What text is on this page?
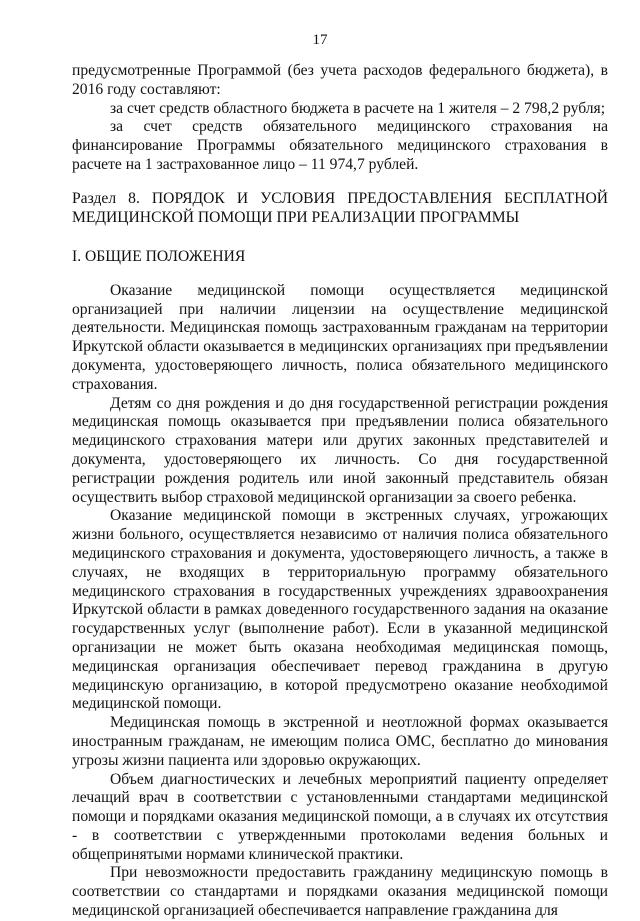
17

предусмотренные Программой (без учета расходов федерального бюджета), в 2016 году составляют:

за счет средств областного бюджета в расчете на 1 жителя – 2 798,2 рубля;

за счет средств обязательного медицинского страхования на финансирование Программы обязательного медицинского страхования в расчете на 1 застрахованное лицо – 11 974,7 рублей.

Раздел 8. ПОРЯДОК И УСЛОВИЯ ПРЕДОСТАВЛЕНИЯ БЕСПЛАТНОЙ МЕДИЦИНСКОЙ ПОМОЩИ ПРИ РЕАЛИЗАЦИИ ПРОГРАММЫ

I. ОБЩИЕ ПОЛОЖЕНИЯ

Оказание медицинской помощи осуществляется медицинской организацией при наличии лицензии на осуществление медицинской деятельности. Медицинская помощь застрахованным гражданам на территории Иркутской области оказывается в медицинских организациях при предъявлении документа, удостоверяющего личность, полиса обязательного медицинского страхования.

Детям со дня рождения и до дня государственной регистрации рождения медицинская помощь оказывается при предъявлении полиса обязательного медицинского страхования матери или других законных представителей и документа, удостоверяющего их личность. Со дня государственной регистрации рождения родитель или иной законный представитель обязан осуществить выбор страховой медицинской организации за своего ребенка.

Оказание медицинской помощи в экстренных случаях, угрожающих жизни больного, осуществляется независимо от наличия полиса обязательного медицинского страхования и документа, удостоверяющего личность, а также в случаях, не входящих в территориальную программу обязательного медицинского страхования в государственных учреждениях здравоохранения Иркутской области в рамках доведенного государственного задания на оказание государственных услуг (выполнение работ). Если в указанной медицинской организации не может быть оказана необходимая медицинская помощь, медицинская организация обеспечивает перевод гражданина в другую медицинскую организацию, в которой предусмотрено оказание необходимой медицинской помощи.

Медицинская помощь в экстренной и неотложной формах оказывается иностранным гражданам, не имеющим полиса ОМС, бесплатно до минования угрозы жизни пациента или здоровью окружающих.

Объем диагностических и лечебных мероприятий пациенту определяет лечащий врач в соответствии с установленными стандартами медицинской помощи и порядками оказания медицинской помощи, а в случаях их отсутствия - в соответствии с утвержденными протоколами ведения больных и общепринятыми нормами клинической практики.

При невозможности предоставить гражданину медицинскую помощь в соответствии со стандартами и порядками оказания медицинской помощи медицинской организацией обеспечивается направление гражданина для
